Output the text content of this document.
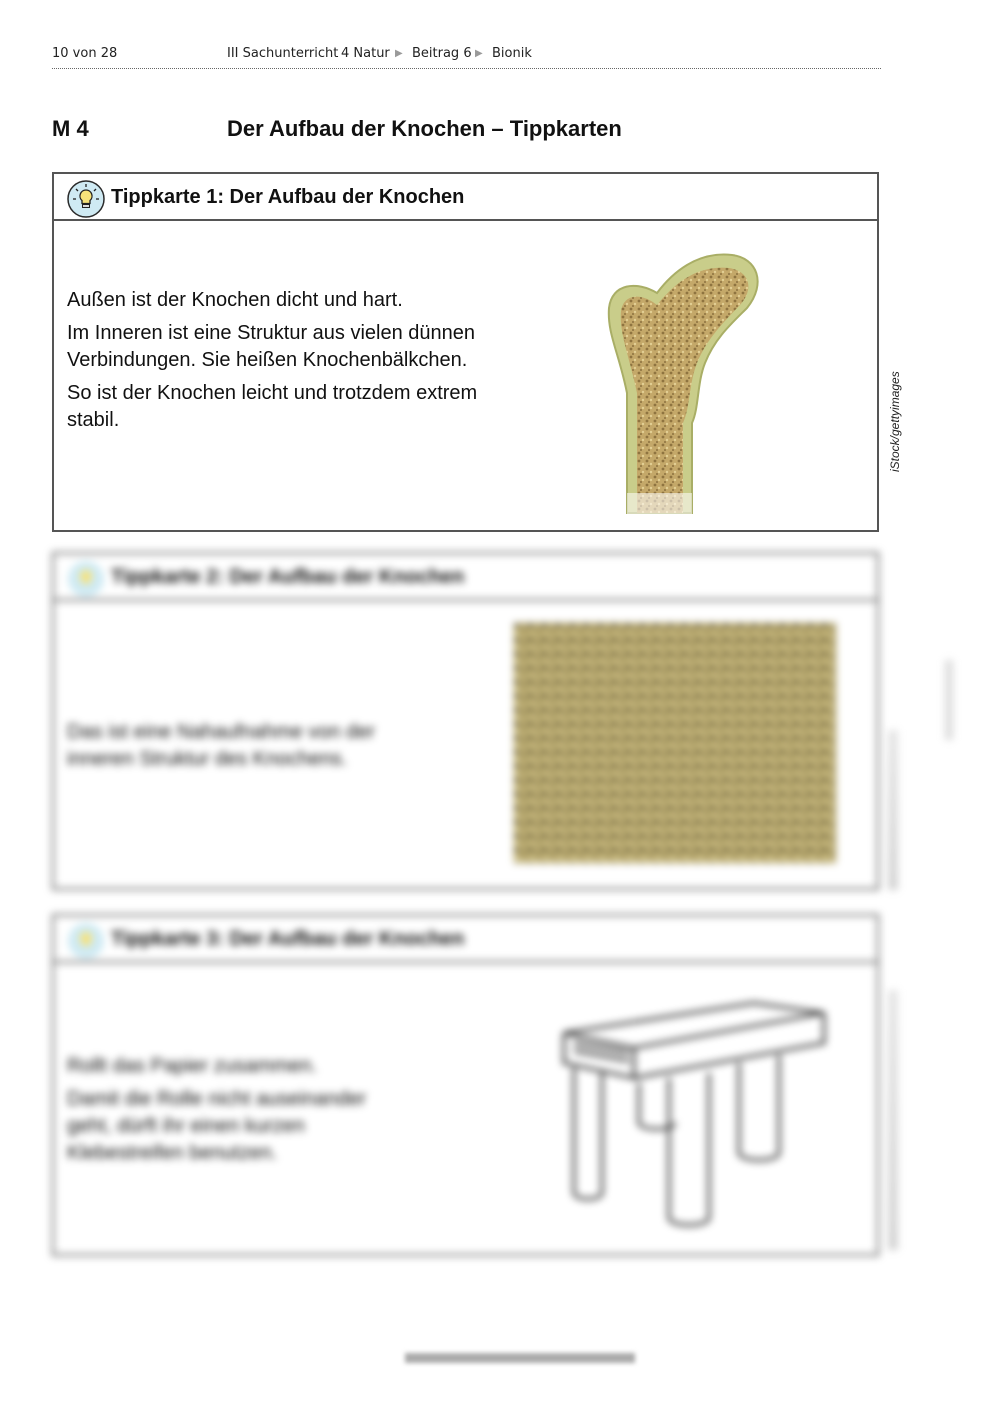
10 von 28	III Sachunterricht 4 Natur ▶ Beitrag 6 ▶ Bionik
M 4	Der Aufbau der Knochen – Tippkarten
Tippkarte 1: Der Aufbau der Knochen

Außen ist der Knochen dicht und hart.

Im Inneren ist eine Struktur aus vielen dünnen Verbindungen. Sie heißen Knochenbälkchen.

So ist der Knochen leicht und trotzdem extrem stabil.

Tippkarte 2: Der Aufbau der Knochen

Das ist eine Nahaufnahme von der inneren Struktur des Knochens.

Tippkarte 3: Der Aufbau der Knochen

Rollt das Papier zusammen.

Damit die Rolle nicht auseinander geht, dürft ihr einen kurzen Klebestreifen benutzen.

iStock/gettyimages
